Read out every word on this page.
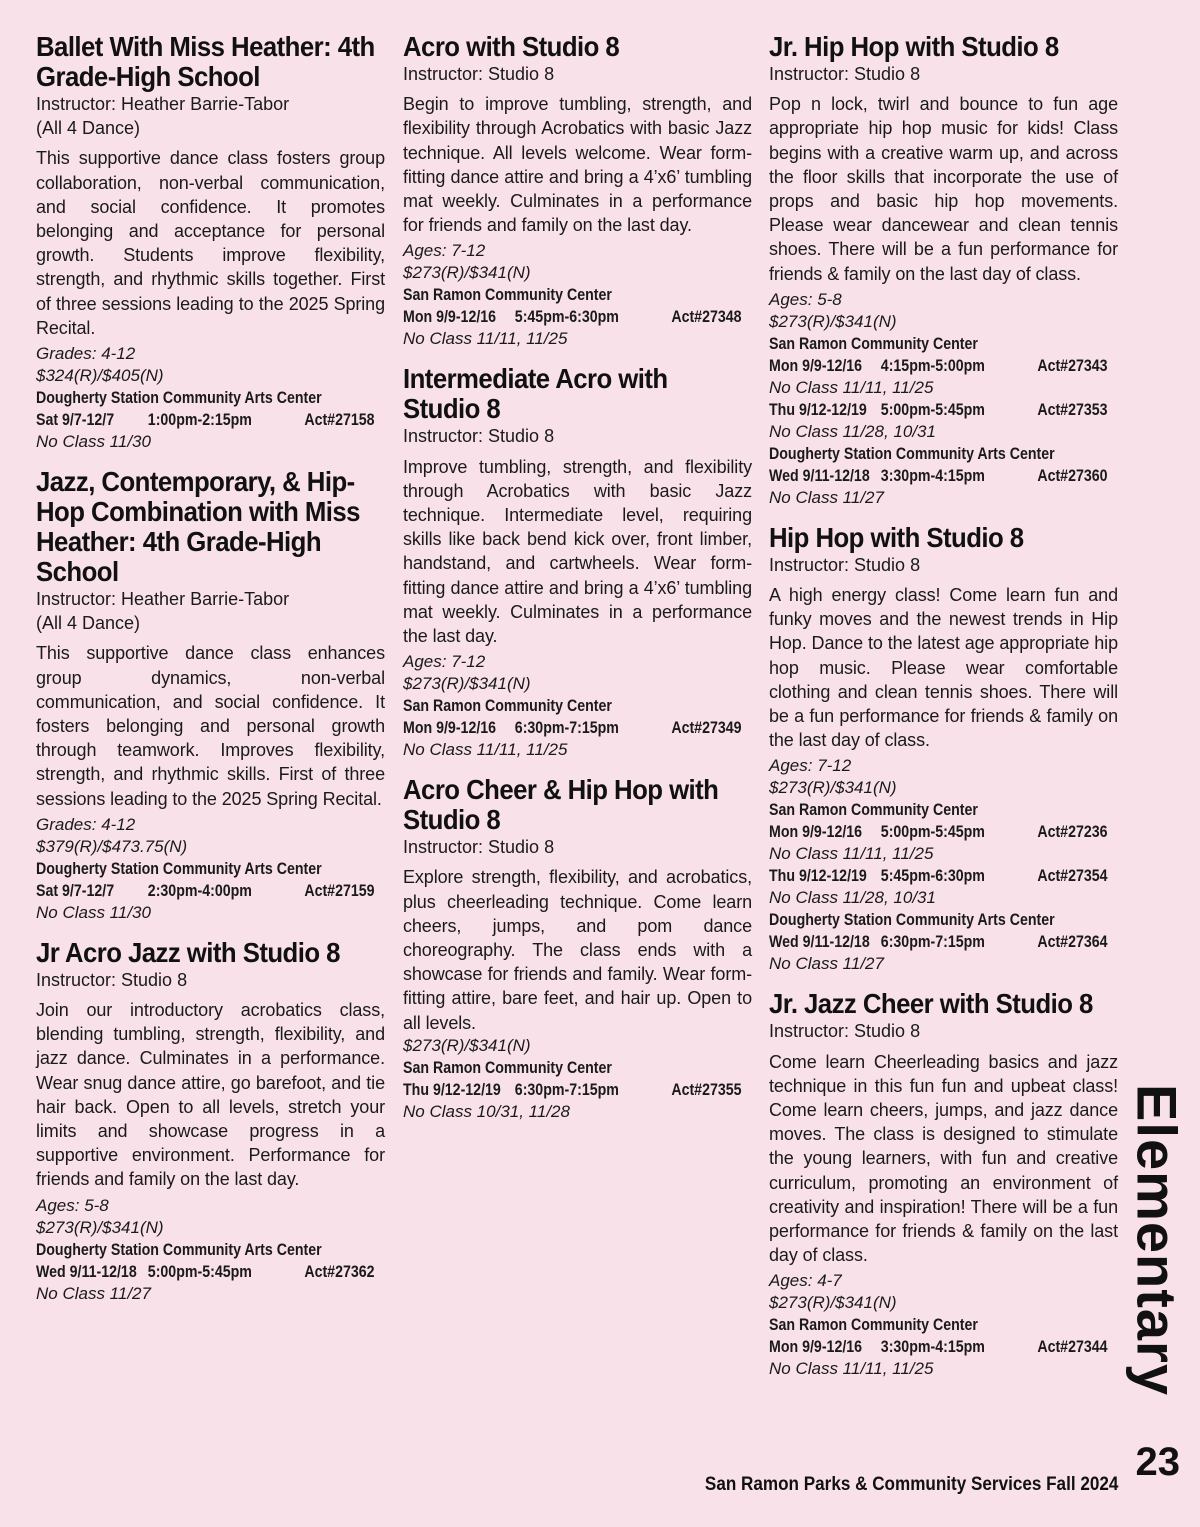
Ballet With Miss Heather: 4th Grade-High School
Instructor: Heather Barrie-Tabor
(All 4 Dance)
This supportive dance class fosters group collaboration, non-verbal communication, and social confidence. It promotes belonging and acceptance for personal growth. Students improve flexibility, strength, and rhythmic skills together. First of three sessions leading to the 2025 Spring Recital.
Grades: 4-12
$324(R)/$405(N)
Dougherty Station Community Arts Center
Sat 9/7-12/7	1:00pm-2:15pm	Act#27158
No Class 11/30
Jazz, Contemporary, & Hip-Hop Combination with Miss Heather: 4th Grade-High School
Instructor: Heather Barrie-Tabor
(All 4 Dance)
This supportive dance class enhances group dynamics, non-verbal communication, and social confidence. It fosters belonging and personal growth through teamwork. Improves flexibility, strength, and rhythmic skills. First of three sessions leading to the 2025 Spring Recital.
Grades: 4-12
$379(R)/$473.75(N)
Dougherty Station Community Arts Center
Sat 9/7-12/7	2:30pm-4:00pm	Act#27159
No Class 11/30
Jr Acro Jazz with Studio 8
Instructor: Studio 8
Join our introductory acrobatics class, blending tumbling, strength, flexibility, and jazz dance. Culminates in a performance. Wear snug dance attire, go barefoot, and tie hair back. Open to all levels, stretch your limits and showcase progress in a supportive environment. Performance for friends and family on the last day.
Ages: 5-8
$273(R)/$341(N)
Dougherty Station Community Arts Center
Wed 9/11-12/18 5:00pm-5:45pm	Act#27362
No Class 11/27
Acro with Studio 8
Instructor: Studio 8
Begin to improve tumbling, strength, and flexibility through Acrobatics with basic Jazz technique. All levels welcome. Wear form-fitting dance attire and bring a 4’x6’ tumbling mat weekly. Culminates in a performance for friends and family on the last day.
Ages: 7-12
$273(R)/$341(N)
San Ramon Community Center
Mon 9/9-12/16	5:45pm-6:30pm	Act#27348
No Class 11/11, 11/25
Intermediate Acro with Studio 8
Instructor: Studio 8
Improve tumbling, strength, and flexibility through Acrobatics with basic Jazz technique. Intermediate level, requiring skills like back bend kick over, front limber, handstand, and cartwheels. Wear form-fitting dance attire and bring a 4’x6’ tumbling mat weekly. Culminates in a performance the last day.
Ages: 7-12
$273(R)/$341(N)
San Ramon Community Center
Mon 9/9-12/16	6:30pm-7:15pm	Act#27349
No Class 11/11, 11/25
Acro Cheer & Hip Hop with Studio 8
Instructor: Studio 8
Explore strength, flexibility, and acrobatics, plus cheerleading technique. Come learn cheers, jumps, and pom dance choreography. The class ends with a showcase for friends and family. Wear form-fitting attire, bare feet, and hair up. Open to all levels.
$273(R)/$341(N)
San Ramon Community Center
Thu 9/12-12/19 6:30pm-7:15pm	Act#27355
No Class 10/31, 11/28
Jr. Hip Hop with Studio 8
Instructor: Studio 8
Pop n lock, twirl and bounce to fun age appropriate hip hop music for kids! Class begins with a creative warm up, and across the floor skills that incorporate the use of props and basic hip hop movements. Please wear dancewear and clean tennis shoes. There will be a fun performance for friends & family on the last day of class.
Ages: 5-8
$273(R)/$341(N)
San Ramon Community Center
Mon 9/9-12/16	4:15pm-5:00pm	Act#27343
No Class 11/11, 11/25
Thu 9/12-12/19 5:00pm-5:45pm	Act#27353
No Class 11/28, 10/31
Dougherty Station Community Arts Center
Wed 9/11-12/18 3:30pm-4:15pm	Act#27360
No Class 11/27
Hip Hop with Studio 8
Instructor: Studio 8
A high energy class! Come learn fun and funky moves and the newest trends in Hip Hop. Dance to the latest age appropriate hip hop music. Please wear comfortable clothing and clean tennis shoes. There will be a fun performance for friends & family on the last day of class.
Ages: 7-12
$273(R)/$341(N)
San Ramon Community Center
Mon 9/9-12/16	5:00pm-5:45pm	Act#27236
No Class 11/11, 11/25
Thu 9/12-12/19 5:45pm-6:30pm	Act#27354
No Class 11/28, 10/31
Dougherty Station Community Arts Center
Wed 9/11-12/18 6:30pm-7:15pm	Act#27364
No Class 11/27
Jr. Jazz Cheer with Studio 8
Instructor: Studio 8
Come learn Cheerleading basics and jazz technique in this fun fun and upbeat class! Come learn cheers, jumps, and jazz dance moves. The class is designed to stimulate the young learners, with fun and creative curriculum, promoting an environment of creativity and inspiration! There will be a fun performance for friends & family on the last day of class.
Ages: 4-7
$273(R)/$341(N)
San Ramon Community Center
Mon 9/9-12/16	3:30pm-4:15pm	Act#27344
No Class 11/11, 11/25	Elementary
23
San Ramon Parks & Community Services Fall 2024
